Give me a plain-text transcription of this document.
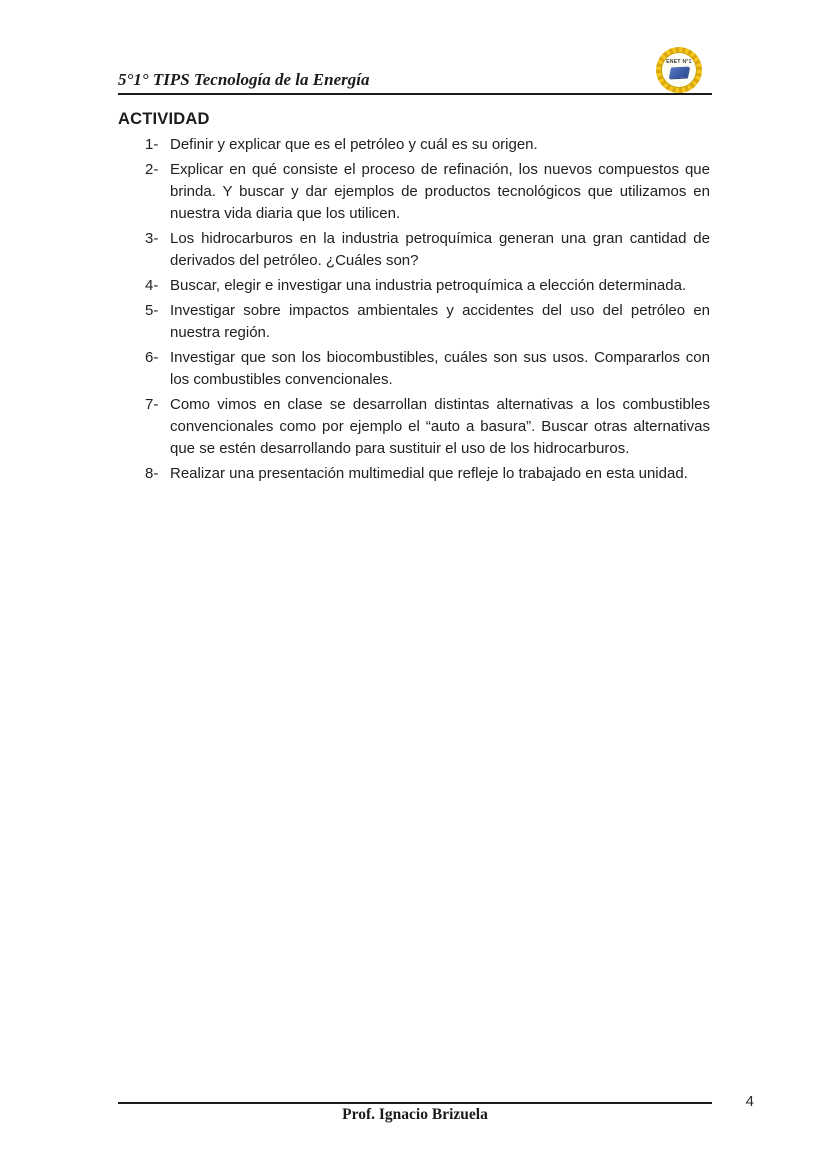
5°1° TIPS Tecnología de la Energía
ENET N°1
ACTIVIDAD
1- Definir y explicar que es el petróleo y cuál es su origen.
2- Explicar en qué consiste el proceso de refinación, los nuevos compuestos que brinda. Y buscar y dar ejemplos de productos tecnológicos que utilizamos en nuestra vida diaria que los utilicen.
3- Los hidrocarburos en la industria petroquímica generan una gran cantidad de derivados del petróleo. ¿Cuáles son?
4- Buscar, elegir e investigar una industria petroquímica a elección determinada.
5- Investigar sobre impactos ambientales y accidentes del uso del petróleo en nuestra región.
6- Investigar que son los biocombustibles, cuáles son sus usos. Compararlos con los combustibles convencionales.
7- Como vimos en clase se desarrollan distintas alternativas a los combustibles convencionales como por ejemplo el “auto a basura”. Buscar otras alternativas que se estén desarrollando para sustituir el uso de los hidrocarburos.
8- Realizar una presentación multimedial que refleje lo trabajado en esta unidad.
Prof. Ignacio Brizuela
4
